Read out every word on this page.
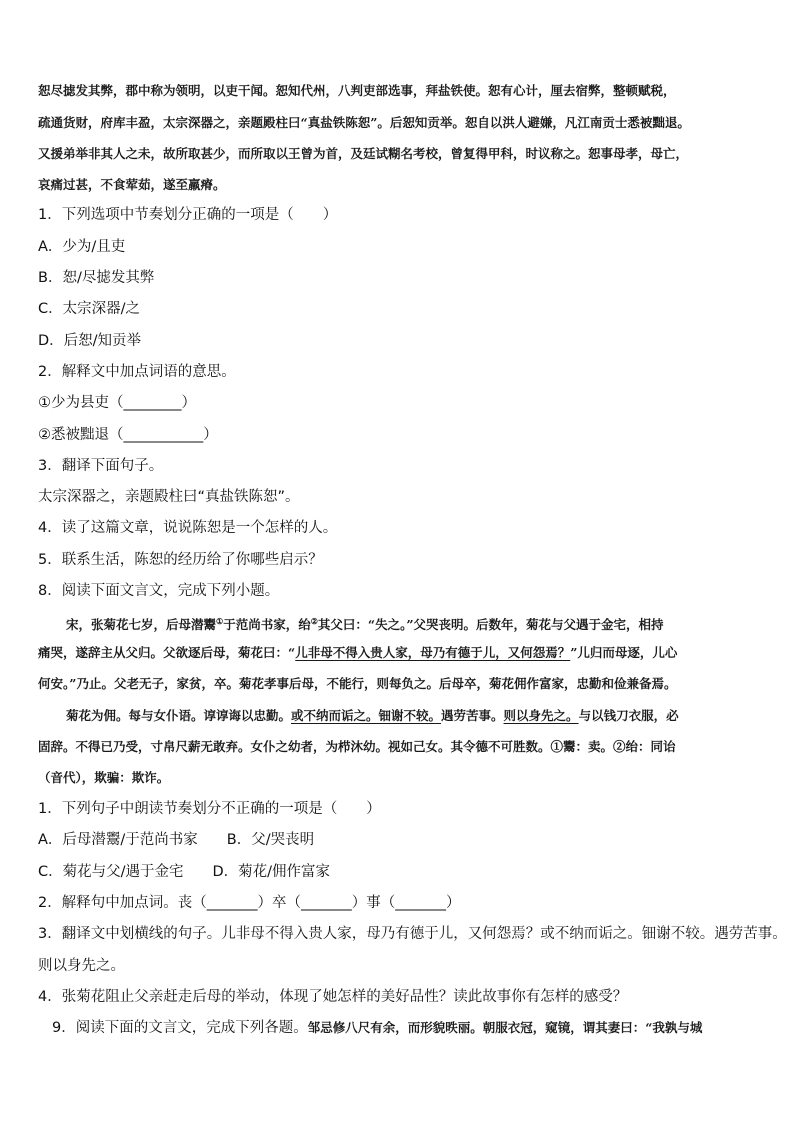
恕尽摅发其弊，郡中称为领明，以吏干闻。恕知代州，八判吏部选事，拜盐铁使。恕有心计，厘去宿弊，整顿赋税，
疏通货财，府库丰盈，太宗深器之，亲题殿柱曰“真盐铁陈恕”。后恕知贡举。恕自以洪人避嫌，凡江南贡士悉被黜退。
又援弟举非其人之未，故所取甚少，而所取以王曾为首，及廷试糊名考校，曾复得甲科，时议称之。恕事母孝，母亡，
哀痛过甚，不食荤茹，遂至羸瘠。
1．下列选项中节奏划分正确的一项是（　　）
A．少为/且吏
B．恕/尽摅发其弊
C．太宗深器/之
D．后恕/知贡举
2．解释文中加点词语的意思。
①少为县吏（________）
②悉被黜退（___________）
3．翻译下面句子。
太宗深器之，亲题殿柱曰“真盐铁陈恕”。
4．读了这篇文章，说说陈恕是一个怎样的人。
5．联系生活，陈恕的经历给了你哪些启示？
8．阅读下面文言文，完成下列小题。
宋，张菊花七岁，后母潜鬻①于范尚书家，绐②其父曰：“失之。”父哭丧明。后数年，菊花与父遇于金宅，相持
痛哭，遂辞主从父归。父欲逐后母，菊花曰：“儿非母不得入贵人家，母乃有德于儿，又何怨焉？”儿归而母逐，儿心
何安。”乃止。父老无子，家贫，卒。菊花孝事后母，不能行，则每负之。后母卒，菊花佣作富家，忠勤和俭兼备焉。
菊花为佣。每与女仆语。谆谆诲以忠勤。或不纳而诟之。钿谢不较。遇劳苦事。则以身先之。与以钱刀衣服，必
固辞。不得已乃受，寸帛尺薪无敢弃。女仆之幼者，为栉沐幼。视如己女。其令德不可胜数。①鬻：卖。②绐：同诒
（音代），欺骗：欺诈。
1．下列句子中朗读节奏划分不正确的一项是（　　）
A．后母潜鬻/于范尚书家　　B．父/哭丧明
C．菊花与父/遇于金宅　　D．菊花/佣作富家
2．解释句中加点词。丧（_______）卒（_______）事（_______）
3．翻译文中划横线的句子。儿非母不得入贵人家，母乃有德于儿，又何怨焉？或不纳而诟之。钿谢不较。遇劳苦事。
则以身先之。
4．张菊花阻止父亲赶走后母的举动，体现了她怎样的美好品性？读此故事你有怎样的感受？
9．阅读下面的文言文，完成下列各题。邹忌修八尺有余，而形貌昳丽。朝服衣冠，窥镜，谓其妻曰：“我孰与城
